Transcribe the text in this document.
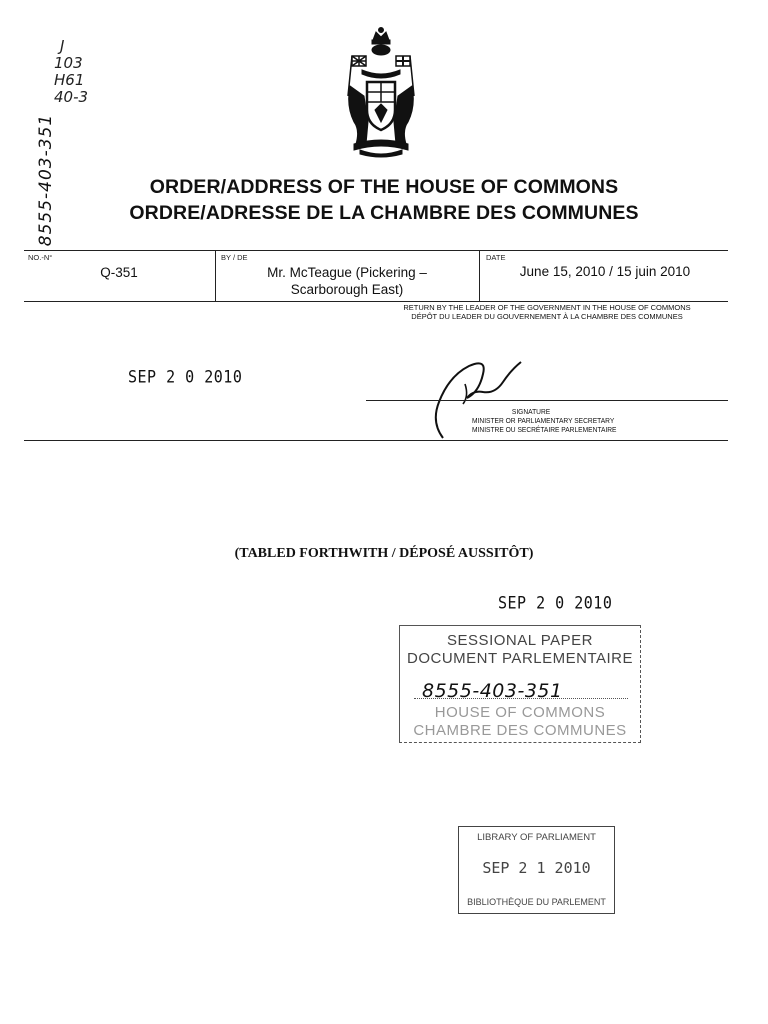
J
103
H61
40-3
8555-403-351	ORDER/ADDRESS OF THE HOUSE OF COMMONS
ORDRE/ADRESSE DE LA CHAMBRE DES COMMUNES
NO.-N°
Q-351
BY / DE
Mr. McTeague (Pickering –
Scarborough East)
DATE
June 15, 2010 / 15 juin 2010
RETURN BY THE LEADER OF THE GOVERNMENT IN THE HOUSE OF COMMONS
DÉPÔT DU LEADER DU GOUVERNEMENT À LA CHAMBRE DES COMMUNES
SEP 2 0 2010
SIGNATURE
MINISTER OR PARLIAMENTARY SECRETARY
MINISTRE OU SECRÉTAIRE PARLEMENTAIRE
(TABLED FORTHWITH / DÉPOSÉ AUSSITÔT)
SEP 2 0 2010
SESSIONAL PAPER
DOCUMENT PARLEMENTAIRE
8555-403-351
HOUSE OF COMMONS
CHAMBRE DES COMMUNES
LIBRARY OF PARLIAMENT
SEP 2 1 2010
BIBLIOTHÈQUE DU PARLEMENT
